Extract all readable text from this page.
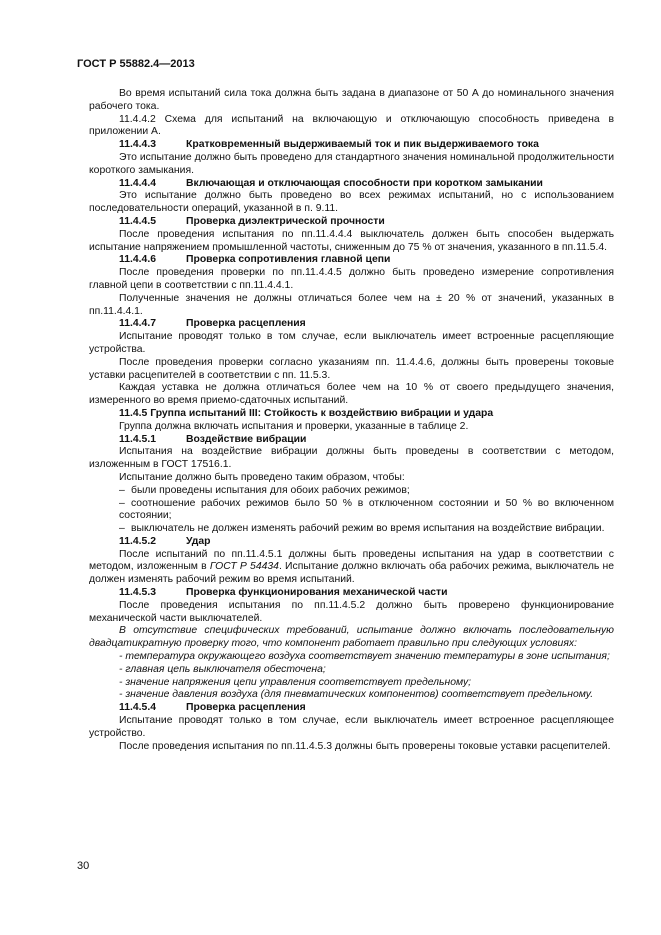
ГОСТ Р 55882.4—2013

Во время испытаний сила тока должна быть задана в диапазоне от 50 А до номинального значения рабочего тока.

11.4.4.2 Схема для испытаний на включающую и отключающую способность приведена в приложении А.

11.4.4.3	Кратковременный выдерживаемый ток и пик выдерживаемого тока

Это испытание должно быть проведено для стандартного значения номинальной продолжительности короткого замыкания.

11.4.4.4	Включающая и отключающая способности при коротком замыкании

Это испытание должно быть проведено во всех режимах испытаний, но с использованием последовательности операций, указанной в п. 9.11.

11.4.4.5	Проверка диэлектрической прочности

После проведения испытания по пп.11.4.4.4 выключатель должен быть способен выдержать испытание напряжением промышленной частоты, сниженным до 75 % от значения, указанного в пп.11.5.4.

11.4.4.6	Проверка сопротивления главной цепи

После проведения проверки по пп.11.4.4.5 должно быть проведено измерение сопротивления главной цепи в соответствии с пп.11.4.4.1.

Полученные значения не должны отличаться более чем на ± 20 % от значений, указанных в пп.11.4.4.1.

11.4.4.7	Проверка расцепления

Испытание проводят только в том случае, если выключатель имеет встроенные расцепляющие устройства.

После проведения проверки согласно указаниям пп. 11.4.4.6, должны быть проверены токовые уставки расцепителей в соответствии с пп. 11.5.3.

Каждая уставка не должна отличаться более чем на 10 % от своего предыдущего значения, измеренного во время приемо-сдаточных испытаний.

11.4.5 Группа испытаний III: Стойкость к воздействию вибрации и удара

Группа должна включать испытания и проверки, указанные в таблице 2.

11.4.5.1	Воздействие вибрации

Испытания на воздействие вибрации должны быть проведены в соответствии с методом, изложенным в ГОСТ 17516.1.

Испытание должно быть проведено таким образом, чтобы:

– были проведены испытания для обоих рабочих режимов;

– соотношение рабочих режимов было 50 % в отключенном состоянии и 50 % во включенном состоянии;

– выключатель не должен изменять рабочий режим во время испытания на воздействие вибрации.

11.4.5.2	Удар

После испытаний по пп.11.4.5.1 должны быть проведены испытания на удар в соответствии с методом, изложенным в ГОСТ Р 54434. Испытание должно включать оба рабочих режима, выключатель не должен изменять рабочий режим во время испытаний.

11.4.5.3	Проверка функционирования механической части

После проведения испытания по пп.11.4.5.2 должно быть проверено функционирование механической части выключателей.

В отсутствие специфических требований, испытание должно включать последовательную двадцатикратную проверку того, что компонент работает правильно при следующих условиях:

- температура окружающего воздуха соответствует значению температуры в зоне испытания;

- главная цепь выключателя обесточена;

- значение напряжения цепи управления соответствует предельному;

- значение давления воздуха (для пневматических компонентов) соответствует предельному.

11.4.5.4	Проверка расцепления

Испытание проводят только в том случае, если выключатель имеет встроенное расцепляющее устройство.

После проведения испытания по пп.11.4.5.3 должны быть проверены токовые уставки расцепителей.

30
